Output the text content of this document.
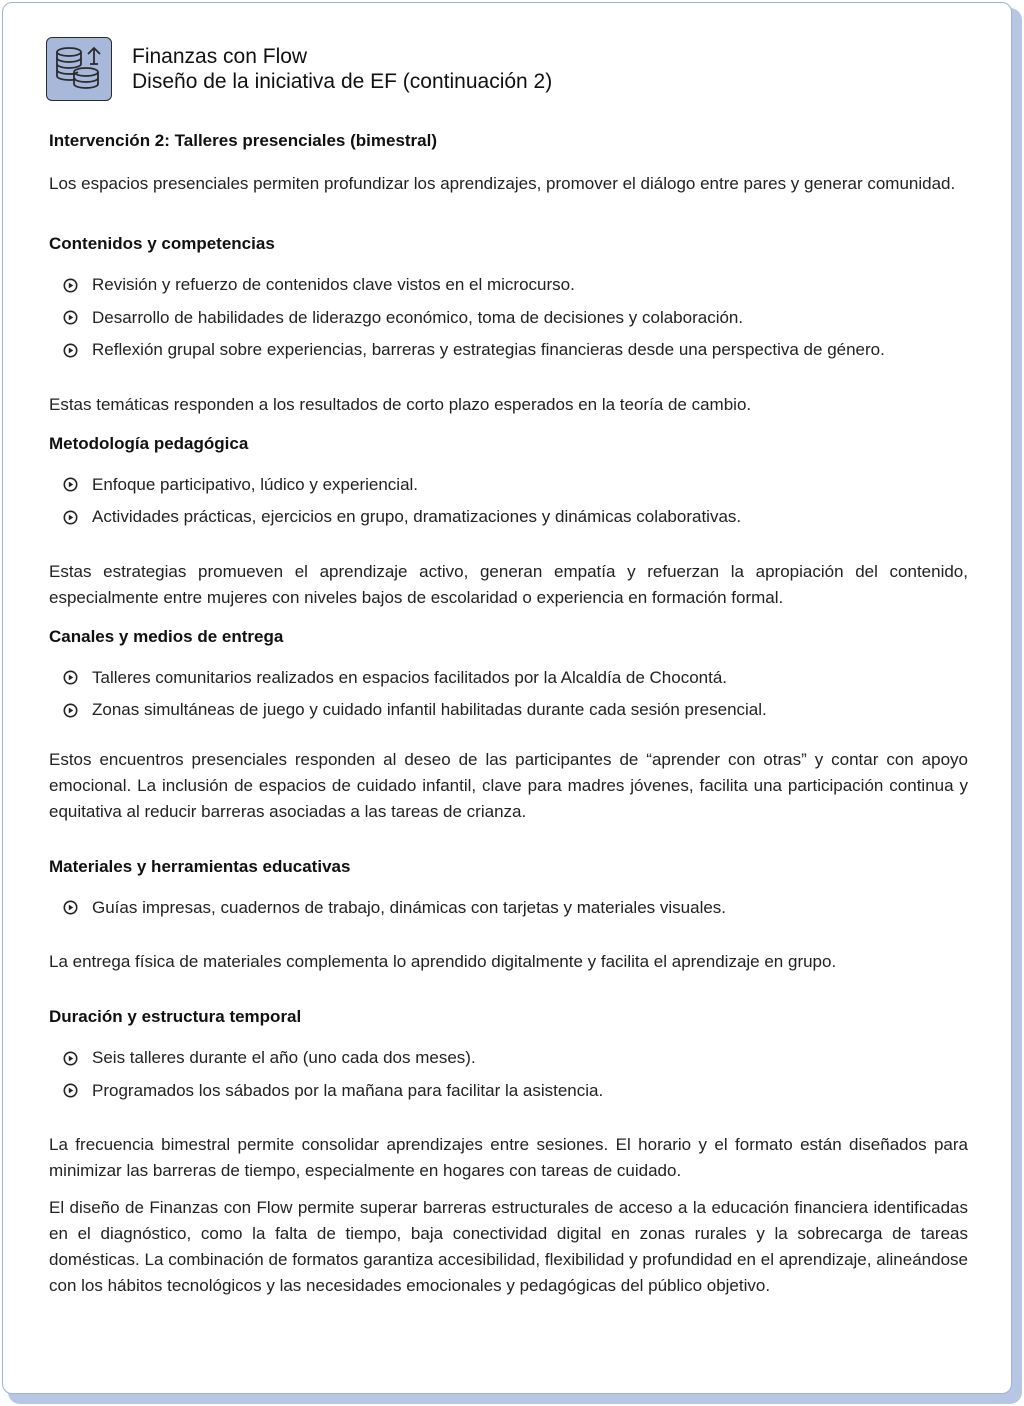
Finanzas con Flow
Diseño de la iniciativa de EF (continuación 2)
Intervención 2: Talleres presenciales (bimestral)

Los espacios presenciales permiten profundizar los aprendizajes, promover el diálogo entre pares y generar comunidad.

Contenidos y competencias
Revisión y refuerzo de contenidos clave vistos en el microcurso.
Desarrollo de habilidades de liderazgo económico, toma de decisiones y colaboración.
Reflexión grupal sobre experiencias, barreras y estrategias financieras desde una perspectiva de género.

Estas temáticas responden a los resultados de corto plazo esperados en la teoría de cambio.

Metodología pedagógica
Enfoque participativo, lúdico y experiencial.
Actividades prácticas, ejercicios en grupo, dramatizaciones y dinámicas colaborativas.

Estas estrategias promueven el aprendizaje activo, generan empatía y refuerzan la apropiación del contenido, especialmente entre mujeres con niveles bajos de escolaridad o experiencia en formación formal.

Canales y medios de entrega
Talleres comunitarios realizados en espacios facilitados por la Alcaldía de Chocontá.
Zonas simultáneas de juego y cuidado infantil habilitadas durante cada sesión presencial.

Estos encuentros presenciales responden al deseo de las participantes de “aprender con otras” y contar con apoyo emocional. La inclusión de espacios de cuidado infantil, clave para madres jóvenes, facilita una participación continua y equitativa al reducir barreras asociadas a las tareas de crianza.

Materiales y herramientas educativas
Guías impresas, cuadernos de trabajo, dinámicas con tarjetas y materiales visuales.

La entrega física de materiales complementa lo aprendido digitalmente y facilita el aprendizaje en grupo.

Duración y estructura temporal
Seis talleres durante el año (uno cada dos meses).
Programados los sábados por la mañana para facilitar la asistencia.

La frecuencia bimestral permite consolidar aprendizajes entre sesiones. El horario y el formato están diseñados para minimizar las barreras de tiempo, especialmente en hogares con tareas de cuidado.

El diseño de Finanzas con Flow permite superar barreras estructurales de acceso a la educación financiera identificadas en el diagnóstico, como la falta de tiempo, baja conectividad digital en zonas rurales y la sobrecarga de tareas domésticas. La combinación de formatos garantiza accesibilidad, flexibilidad y profundidad en el aprendizaje, alineándose con los hábitos tecnológicos y las necesidades emocionales y pedagógicas del público objetivo.
